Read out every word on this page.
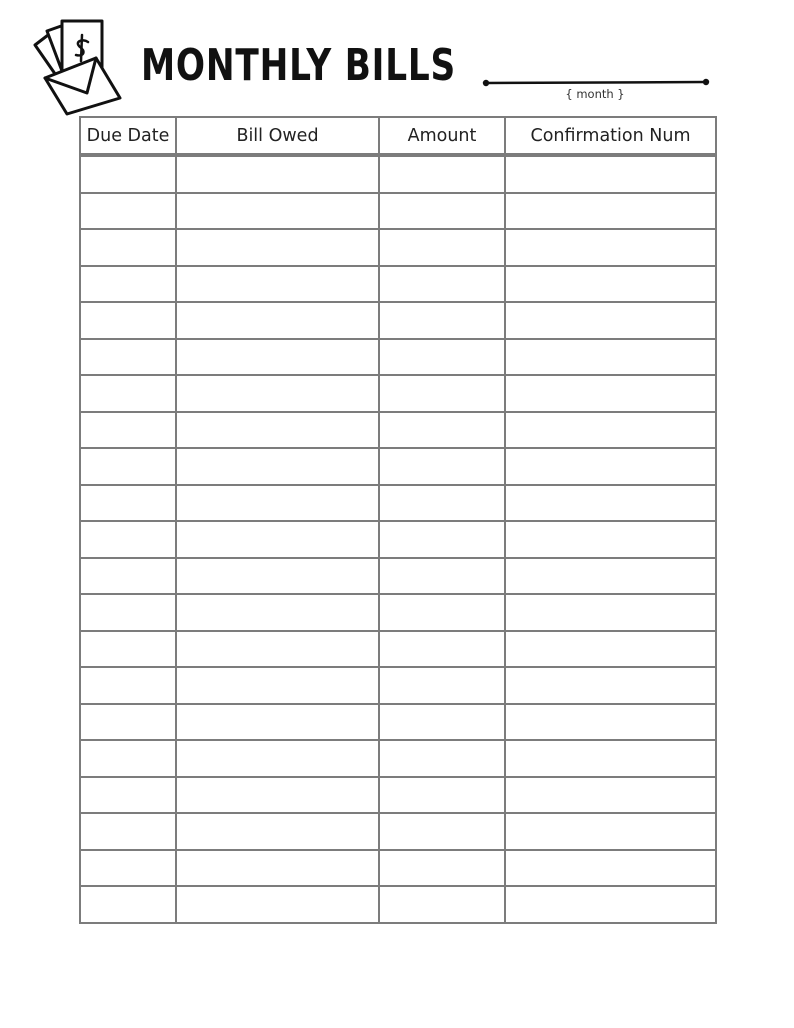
MONTHLY BILLS
{ month }
Due Date	Bill Owed	Amount	Confirmation Num
